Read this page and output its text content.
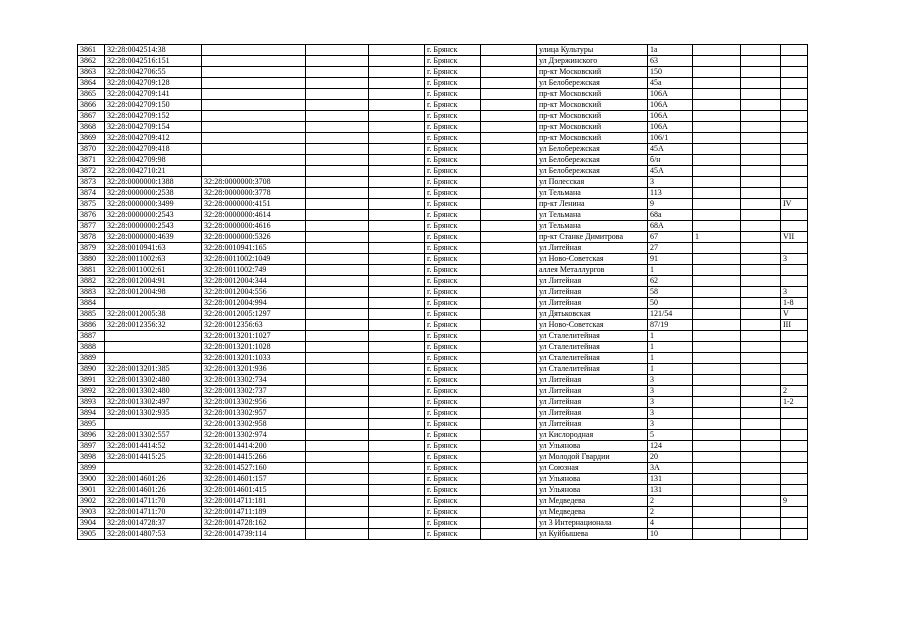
3861	32:28:0042514:38				г. Брянск		улица Культуры	1а			
3862	32:28:0042516:151				г. Брянск		ул Дзержинского	63			
3863	32:28:0042706:55				г. Брянск		пр-кт Московский	150			
3864	32:28:0042709:128				г. Брянск		ул Белобережская	45а			
3865	32:28:0042709:141				г. Брянск		пр-кт Московский	106А			
3866	32:28:0042709:150				г. Брянск		пр-кт Московский	106А			
3867	32:28:0042709:152				г. Брянск		пр-кт Московский	106А			
3868	32:28:0042709:154				г. Брянск		пр-кт Московский	106А			
3869	32:28:0042709:412				г. Брянск		пр-кт Московский	106/1			
3870	32:28:0042709:418				г. Брянск		ул Белобережская	45А			
3871	32:28:0042709:98				г. Брянск		ул Белобережская	б/н			
3872	32:28:0042710:21				г. Брянск		ул Белобережская	45А			
3873	32:28:0000000:1388	32:28:0000000:3708			г. Брянск		ул Полесская	3			
3874	32:28:0000000:2538	32:28:0000000:3778			г. Брянск		ул Тельмана	113			
3875	32:28:0000000:3499	32:28:0000000:4151			г. Брянск		пр-кт Ленина	9			IV
3876	32:28:0000000:2543	32:28:0000000:4614			г. Брянск		ул Тельмана	68а			
3877	32:28:0000000:2543	32:28:0000000:4616			г. Брянск		ул Тельмана	68А			
3878	32:28:0000000:4639	32:28:0000000:5326			г. Брянск		пр-кт Станке Димитрова	67	1		VII
3879	32:28:0010941:63	32:28:0010941:165			г. Брянск		ул Литейная	27			
3880	32:28:0011002:63	32:28:0011002:1049			г. Брянск		ул Ново-Советская	91			3
3881	32:28:0011002:61	32:28:0011002:749			г. Брянск		аллея Металлургов	1			
3882	32:28:0012004:91	32:28:0012004:344			г. Брянск		ул Литейная	62			
3883	32:28:0012004:98	32:28:0012004:556			г. Брянск		ул Литейная	58			3
3884		32:28:0012004:994			г. Брянск		ул Литейная	50			1-8
3885	32:28:0012005:38	32:28:0012005:1297			г. Брянск		ул Дятьковская	121/54			V
3886	32:28:0012356:32	32:28:0012356:63			г. Брянск		ул Ново-Советская	87/19			III
3887		32:28:0013201:1027			г. Брянск		ул Сталелитейная	1			
3888		32:28:0013201:1028			г. Брянск		ул Сталелитейная	1			
3889		32:28:0013201:1033			г. Брянск		ул Сталелитейная	1			
3890	32:28:0013201:385	32:28:0013201:936			г. Брянск		ул Сталелитейная	1			
3891	32:28:0013302:480	32:28:0013302:734			г. Брянск		ул Литейная	3			
3892	32:28:0013302:480	32:28:0013302:737			г. Брянск		ул Литейная	3			2
3893	32:28:0013302:497	32:28:0013302:956			г. Брянск		ул Литейная	3			1-2
3894	32:28:0013302:935	32:28:0013302:957			г. Брянск		ул Литейная	3			
3895		32:28:0013302:958			г. Брянск		ул Литейная	3			
3896	32:28:0013302:557	32:28:0013302:974			г. Брянск		ул Кислородная	5			
3897	32:28:0014414:52	32:28:0014414:200			г. Брянск		ул Ульянова	124			
3898	32:28:0014415:25	32:28:0014415:266			г. Брянск		ул Молодой Гвардии	20			
3899		32:28:0014527:160			г. Брянск		ул Союзная	3А			
3900	32:28:0014601:26	32:28:0014601:157			г. Брянск		ул Ульянова	131			
3901	32:28:0014601:26	32:28:0014601:415			г. Брянск		ул Ульянова	131			
3902	32:28:0014711:70	32:28:0014711:181			г. Брянск		ул Медведева	2			9
3903	32:28:0014711:70	32:28:0014711:189			г. Брянск		ул Медведева	2			
3904	32:28:0014728:37	32:28:0014728:162			г. Брянск		ул 3 Интернационала	4			
3905	32:28:0014807:53	32:28:0014739:114			г. Брянск		ул Куйбышева	10			
